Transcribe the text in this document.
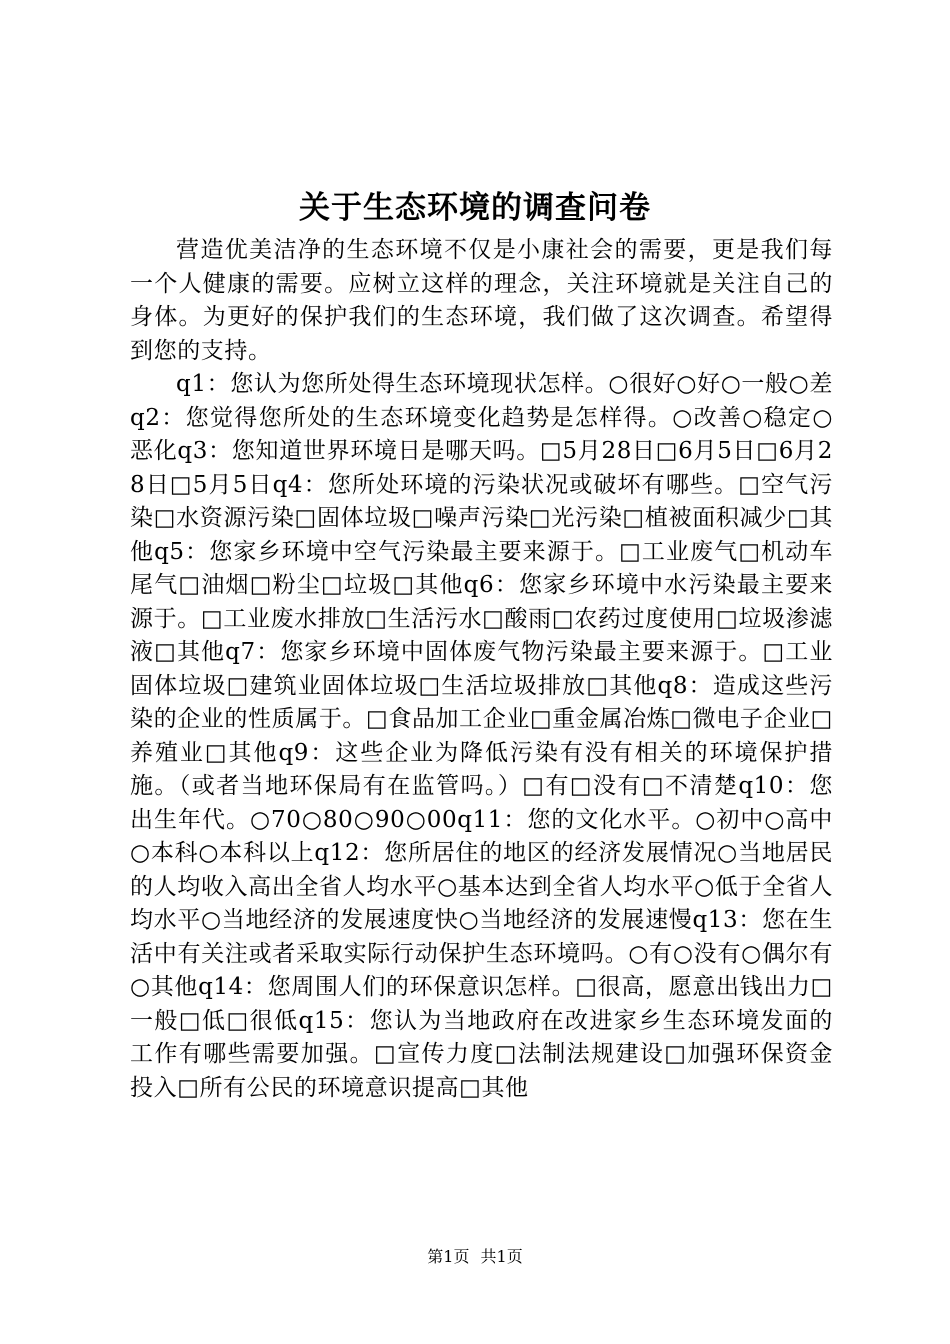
关于生态环境的调查问卷

营造优美洁净的生态环境不仅是小康社会的需要，更是我们每一个人健康的需要。应树立这样的理念，关注环境就是关注自己的身体。为更好的保护我们的生态环境，我们做了这次调查。希望得到您的支持。

q1：您认为您所处得生态环境现状怎样。○很好○好○一般○差q2：您觉得您所处的生态环境变化趋势是怎样得。○改善○稳定○恶化q3：您知道世界环境日是哪天吗。□5月28日□6月5日□6月28日□5月5日q4：您所处环境的污染状况或破坏有哪些。□空气污染□水资源污染□固体垃圾□噪声污染□光污染□植被面积减少□其他q5：您家乡环境中空气污染最主要来源于。□工业废气□机动车尾气□油烟□粉尘□垃圾□其他q6：您家乡环境中水污染最主要来源于。□工业废水排放□生活污水□酸雨□农药过度使用□垃圾渗滤液□其他q7：您家乡环境中固体废气物污染最主要来源于。□工业固体垃圾□建筑业固体垃圾□生活垃圾排放□其他q8：造成这些污染的企业的性质属于。□食品加工企业□重金属冶炼□微电子企业□养殖业□其他q9：这些企业为降低污染有没有相关的环境保护措施。（或者当地环保局有在监管吗。）□有□没有□不清楚q10：您出生年代。○70○80○90○00q11：您的文化水平。○初中○高中○本科○本科以上q12：您所居住的地区的经济发展情况○当地居民的人均收入高出全省人均水平○基本达到全省人均水平○低于全省人均水平○当地经济的发展速度快○当地经济的发展速慢q13：您在生活中有关注或者采取实际行动保护生态环境吗。○有○没有○偶尔有○其他q14：您周围人们的环保意识怎样。□很高，愿意出钱出力□一般□低□很低q15：您认为当地政府在改进家乡生态环境发面的工作有哪些需要加强。□宣传力度□法制法规建设□加强环保资金投入□所有公民的环境意识提高□其他

第1页 共1页
